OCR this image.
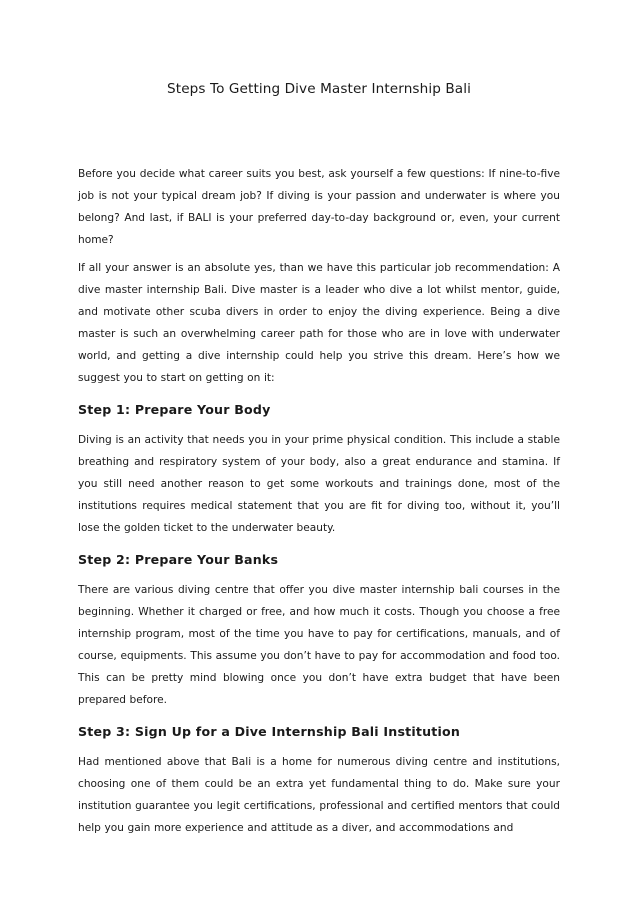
Steps To Getting Dive Master Internship Bali

Before you decide what career suits you best, ask yourself a few questions: If nine-to-five job is not your typical dream job? If diving is your passion and underwater is where you belong? And last, if BALI is your preferred day-to-day background or, even, your current home?

If all your answer is an absolute yes, than we have this particular job recommendation: A dive master internship Bali. Dive master is a leader who dive a lot whilst mentor, guide, and motivate other scuba divers in order to enjoy the diving experience. Being a dive master is such an overwhelming career path for those who are in love with underwater world, and getting a dive internship could help you strive this dream. Here’s how we suggest you to start on getting on it:

Step 1: Prepare Your Body

Diving is an activity that needs you in your prime physical condition. This include a stable breathing and respiratory system of your body, also a great endurance and stamina. If you still need another reason to get some workouts and trainings done, most of the institutions requires medical statement that you are fit for diving too, without it, you’ll lose the golden ticket to the underwater beauty.

Step 2: Prepare Your Banks

There are various diving centre that offer you dive master internship bali courses in the beginning. Whether it charged or free, and how much it costs. Though you choose a free internship program, most of the time you have to pay for certifications, manuals, and of course, equipments. This assume you don’t have to pay for accommodation and food too. This can be pretty mind blowing once you don’t have extra budget that have been prepared before.

Step 3: Sign Up for a Dive Internship Bali Institution

Had mentioned above that Bali is a home for numerous diving centre and institutions, choosing one of them could be an extra yet fundamental thing to do. Make sure your institution guarantee you legit certifications, professional and certified mentors that could help you gain more experience and attitude as a diver, and accommodations and
